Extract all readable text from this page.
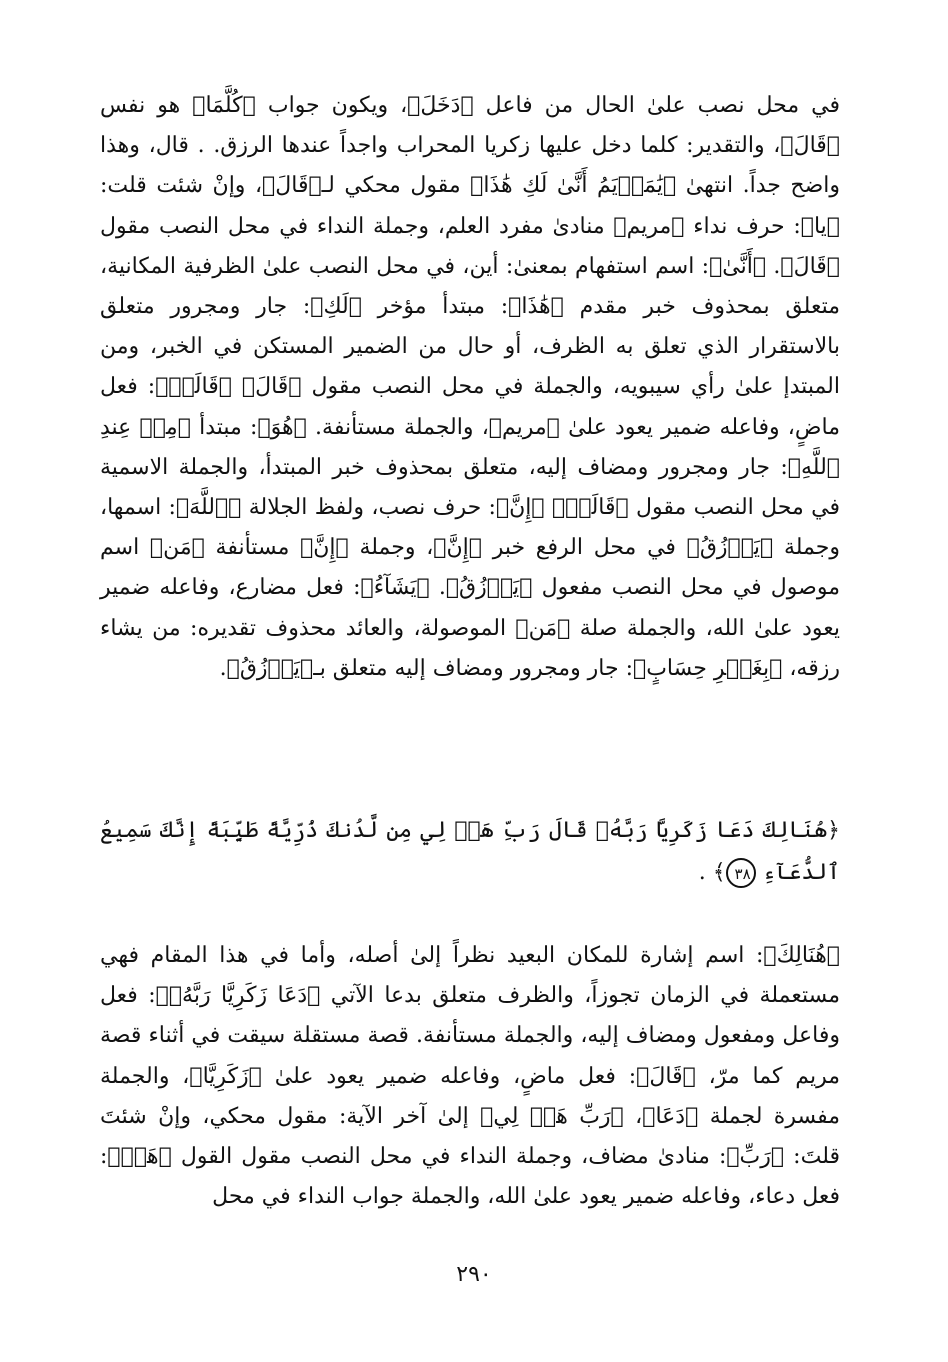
في محل نصب علىٰ الحال من فاعل ﴿دَخَلَ﴾، ويكون جواب ﴿كُلَّمَا﴾ هو نفس ﴿قَالَ﴾، والتقدير: كلما دخل عليها زكريا المحراب واجداً عندها الرزق. . قال، وهذا واضح جداً. انتهىٰ ﴿يَٰمَرۡيَمُ أَنَّىٰ لَكِ هَٰذَا﴾ مقول محكي لـ﴿قَالَ﴾، وإنْ شئت قلت: ﴿يا﴾: حرف نداء ﴿مريم﴾ منادىٰ مفرد العلم، وجملة النداء في محل النصب مقول ﴿قَالَ﴾. ﴿أَنَّىٰ﴾: اسم استفهام بمعنىٰ: أين، في محل النصب علىٰ الظرفية المكانية، متعلق بمحذوف خبر مقدم ﴿هَٰذَا﴾: مبتدأ مؤخر ﴿لَكِ﴾: جار ومجرور متعلق بالاستقرار الذي تعلق به الظرف، أو حال من الضمير المستكن في الخبر، ومن المبتدإ علىٰ رأي سيبويه، والجملة في محل النصب مقول ﴿قَالَ﴾ ﴿قَالَتۡ﴾: فعل ماضٍ، وفاعله ضمير يعود علىٰ ﴿مريم﴾، والجملة مستأنفة. ﴿هُوَ﴾: مبتدأ ﴿مِنۡ عِندِ ٱللَّهِ﴾: جار ومجرور ومضاف إليه، متعلق بمحذوف خبر المبتدأ، والجملة الاسمية في محل النصب مقول ﴿قَالَتۡ﴾ ﴿إِنَّ﴾: حرف نصب، ولفظ الجلالة ﴿ٱللَّهَ﴾: اسمها، وجملة ﴿يَرۡزُقُ﴾ في محل الرفع خبر ﴿إِنَّ﴾، وجملة ﴿إِنَّ﴾ مستأنفة ﴿مَن﴾ اسم موصول في محل النصب مفعول ﴿يَرۡزُقُ﴾. ﴿يَشَآءُ﴾: فعل مضارع، وفاعله ضمير يعود علىٰ الله، والجملة صلة ﴿مَن﴾ الموصولة، والعائد محذوف تقديره: من يشاء رزقه، ﴿بِغَيۡرِ حِسَابٍ﴾: جار ومجرور ومضاف إليه متعلق بـ﴿يَرۡزُقُ﴾.

﴿هُنَالِكَ دَعَا زَكَرِيَّا رَبَّهُۥ قَالَ رَبِّ هَبۡ لِي مِن لَّدُنكَ ذُرِّيَّةً طَيِّبَةً إِنَّكَ سَمِيعُ ٱلدُّعَآءِ ٣٨﴾ .

﴿هُنَالِكَ﴾: اسم إشارة للمكان البعيد نظراً إلىٰ أصله، وأما في هذا المقام فهي مستعملة في الزمان تجوزاً، والظرف متعلق بدعا الآتي ﴿دَعَا زَكَرِيَّا رَبَّهُۥ﴾: فعل وفاعل ومفعول ومضاف إليه، والجملة مستأنفة. قصة مستقلة سيقت في أثناء قصة مريم كما مرّ، ﴿قَالَ﴾: فعل ماضٍ، وفاعله ضمير يعود علىٰ ﴿زَكَرِيَّا﴾، والجملة مفسرة لجملة ﴿دَعَا﴾، ﴿رَبِّ هَبۡ لِي﴾ إلىٰ آخر الآية: مقول محكي، وإنْ شئتَ قلتَ: ﴿رَبِّ﴾: منادىٰ مضاف، وجملة النداء في محل النصب مقول القول ﴿هَبۡ﴾: فعل دعاء، وفاعله ضمير يعود علىٰ الله، والجملة جواب النداء في محل

٢٩٠
